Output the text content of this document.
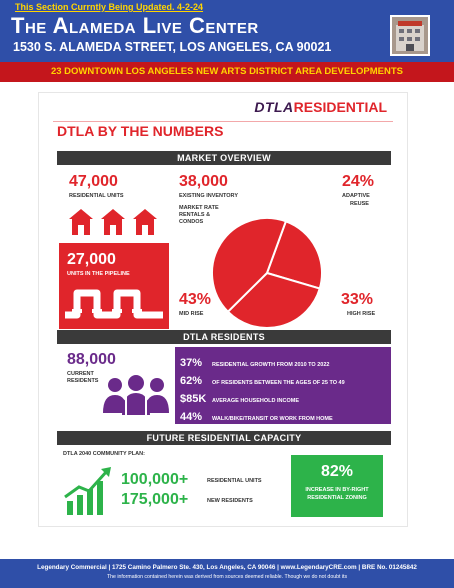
This Section Currntly Being Updated. 4-2-24
The Alameda Live Center
1530 S. ALAMEDA STREET, LOS ANGELES, CA 90021
23 DOWNTOWN LOS ANGELES NEW ARTS DISTRICT AREA DEVELOPMENTS
DTLARESIDENTIAL
DTLA BY THE NUMBERS
MARKET OVERVIEW
47,000
RESIDENTIAL UNITS
27,000
UNITS IN THE PIPELINE
38,000
EXISTING INVENTORY
MARKET RATE
RENTALS &
CONDOS
24%
ADAPTIVE
REUSE
43%
MID RISE
33%
HIGH RISE
DTLA RESIDENTS
88,000
CURRENT
RESIDENTS
37% RESIDENTIAL GROWTH FROM 2010 TO 2022
62% OF RESIDENTS BETWEEN THE AGES OF 25 TO 49
$85K AVERAGE HOUSEHOLD INCOME
44% WALK/BIKE/TRANSIT OR WORK FROM HOME
FUTURE RESIDENTIAL CAPACITY
DTLA 2040 COMMUNITY PLAN:
100,000+	RESIDENTIAL UNITS
175,000+	NEW RESIDENTS
82%
INCREASE IN BY-RIGHT
RESIDENTIAL ZONING
Legendary Commercial | 1725 Camino Palmero Ste. 430, Los Angeles, CA 90046 | www.LegendaryCRE.com | BRE No. 01245842
The information contained herein was derived from sources deemed reliable. Though we do not doubt its
